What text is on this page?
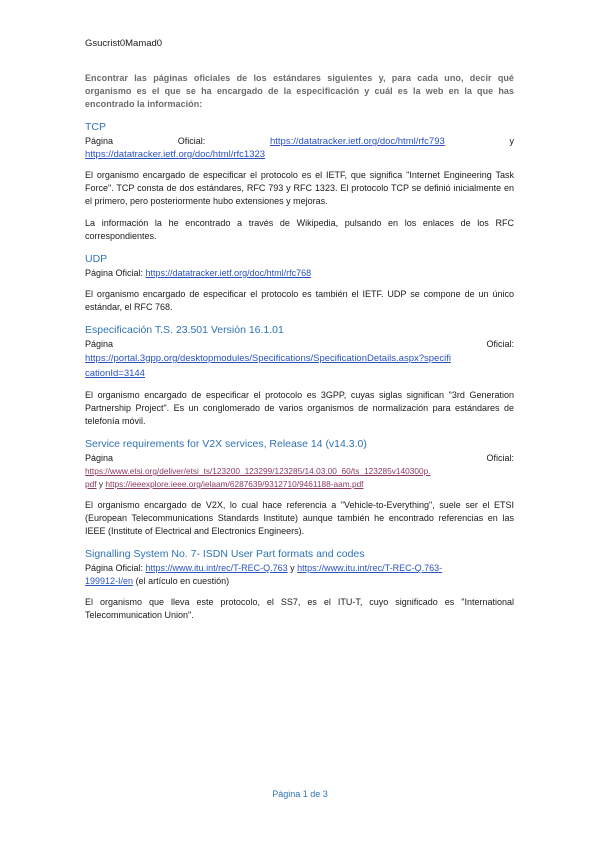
Gsucrist0Mamad0

Encontrar las páginas oficiales de los estándares siguientes y, para cada uno, decir qué organismo es el que se ha encargado de la especificación y cuál es la web en la que has encontrado la información:

TCP
Página	Oficial:	https://datatracker.ietf.org/doc/html/rfc793	y

https://datatracker.ietf.org/doc/html/rfc1323

El organismo encargado de especificar el protocolo es el IETF, que significa "Internet Engineering Task Force". TCP consta de dos estándares, RFC 793 y RFC 1323. El protocolo TCP se definió inicialmente en el primero, pero posteriormente hubo extensiones y mejoras.

La información la he encontrado a través de Wikipedia, pulsando en los enlaces de los RFC correspondientes.

UDP

Página Oficial: https://datatracker.ietf.org/doc/html/rfc768

El organismo encargado de especificar el protocolo es también el IETF. UDP se compone de un único estándar, el RFC 768.

Especificación T.S. 23.501 Versión 16.1.01
Página	Oficial:

https://portal.3gpp.org/desktopmodules/Specifications/SpecificationDetails.aspx?specifi
cationId=3144

El organismo encargado de especificar el protocolo es 3GPP, cuyas siglas significan "3rd Generation Partnership Project". Es un conglomerado de varios organismos de normalización para estándares de telefonía móvil.

Service requirements for V2X services, Release 14 (v14.3.0)
Página	Oficial:

https://www.etsi.org/deliver/etsi_ts/123200_123299/123285/14.03.00_60/ts_123285v140300p.
pdf y https://ieeexplore.ieee.org/ielaam/6287639/9312710/9461188-aam.pdf

El organismo encargado de V2X, lo cual hace referencia a "Vehicle-to-Everything", suele ser el ETSI (European Telecommunications Standards Institute) aunque también he encontrado referencias en las IEEE (Institute of Electrical and Electronics Engineers).

Signalling System No. 7- ISDN User Part formats and codes

Página Oficial: https://www.itu.int/rec/T-REC-Q.763 y https://www.itu.int/rec/T-REC-Q.763-
199912-I/en (el artículo en cuestión)

El organismo que lleva este protocolo, el SS7, es el ITU-T, cuyo significado es "International Telecommunication Union".

Página 1 de 3
